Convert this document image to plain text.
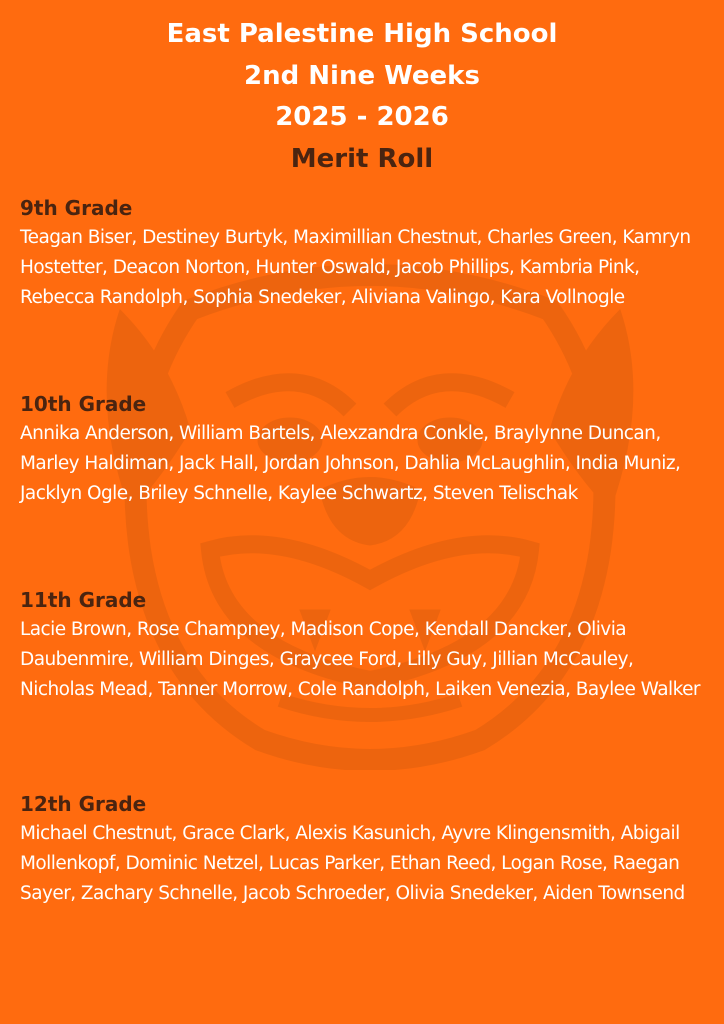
East Palestine High School
2nd Nine Weeks
2025 - 2026
Merit Roll

9th Grade

Teagan Biser, Destiney Burtyk, Maximillian Chestnut, Charles Green, Kamryn Hostetter, Deacon Norton, Hunter Oswald, Jacob Phillips, Kambria Pink, Rebecca Randolph, Sophia Snedeker, Aliviana Valingo, Kara Vollnogle

10th Grade

Annika Anderson, William Bartels, Alexzandra Conkle, Braylynne Duncan, Marley Haldiman, Jack Hall, Jordan Johnson, Dahlia McLaughlin, India Muniz, Jacklyn Ogle, Briley Schnelle, Kaylee Schwartz, Steven Telischak

11th Grade

Lacie Brown, Rose Champney, Madison Cope, Kendall Dancker, Olivia Daubenmire, William Dinges, Graycee Ford, Lilly Guy, Jillian McCauley, Nicholas Mead, Tanner Morrow, Cole Randolph, Laiken Venezia, Baylee Walker

12th Grade

Michael Chestnut, Grace Clark, Alexis Kasunich, Ayvre Klingensmith, Abigail Mollenkopf, Dominic Netzel, Lucas Parker, Ethan Reed, Logan Rose, Raegan Sayer, Zachary Schnelle, Jacob Schroeder, Olivia Snedeker, Aiden Townsend
